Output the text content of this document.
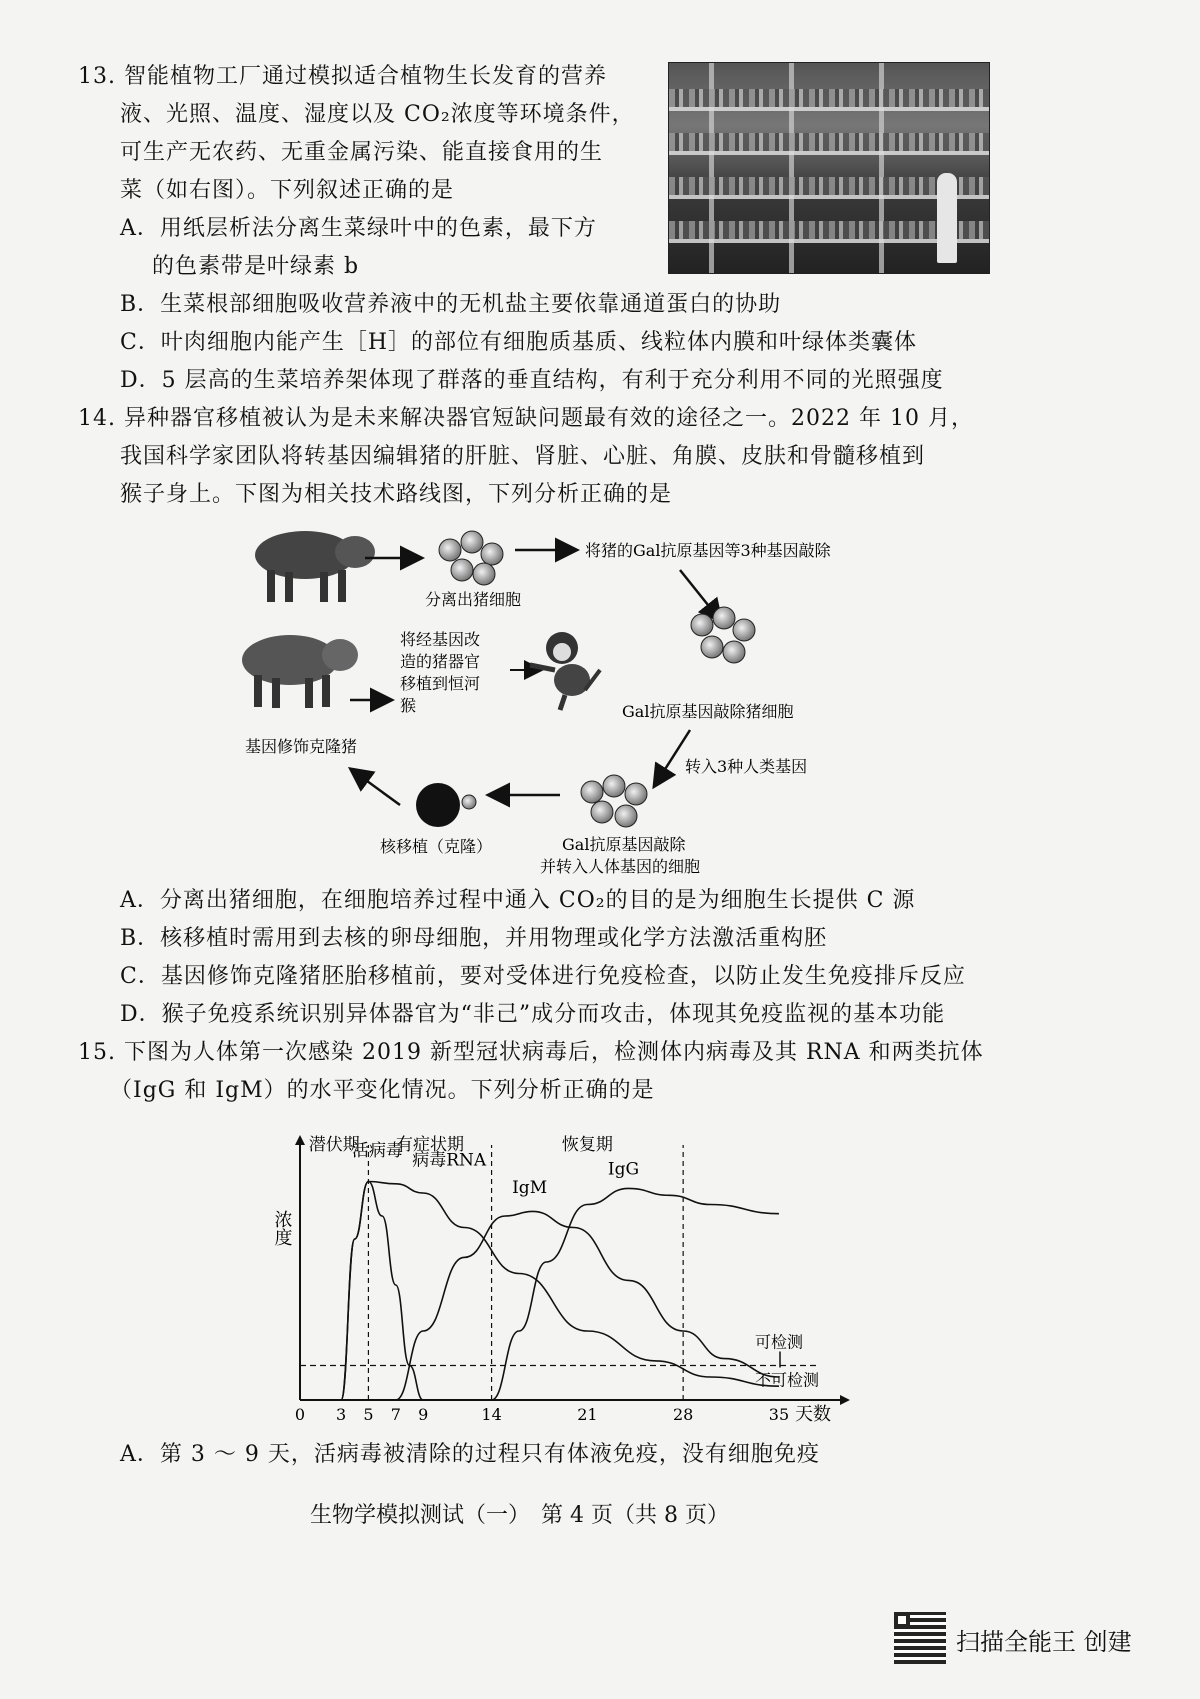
13. 智能植物工厂通过模拟适合植物生长发育的营养
液、光照、温度、湿度以及 CO₂浓度等环境条件，
可生产无农药、无重金属污染、能直接食用的生
菜（如右图）。下列叙述正确的是
A．用纸层析法分离生菜绿叶中的色素，最下方
的色素带是叶绿素 b
B．生菜根部细胞吸收营养液中的无机盐主要依靠通道蛋白的协助
C．叶肉细胞内能产生［H］的部位有细胞质基质、线粒体内膜和叶绿体类囊体
D．5 层高的生菜培养架体现了群落的垂直结构，有利于充分利用不同的光照强度
14. 异种器官移植被认为是未来解决器官短缺问题最有效的途径之一。2022 年 10 月，
我国科学家团队将转基因编辑猪的肝脏、肾脏、心脏、角膜、皮肤和骨髓移植到
猴子身上。下图为相关技术路线图，下列分析正确的是
分离出猪细胞
将猪的Gal抗原基因等3种基因敲除
Gal抗原基因敲除猪细胞
转入3种人类基因
Gal抗原基因敲除
并转入人体基因的细胞
核移植（克隆）
基因修饰克隆猪
将经基因改
造的猪器官
移植到恒河
猴
A．分离出猪细胞，在细胞培养过程中通入 CO₂的目的是为细胞生长提供 C 源
B．核移植时需用到去核的卵母细胞，并用物理或化学方法激活重构胚
C．基因修饰克隆猪胚胎移植前，要对受体进行免疫检查，以防止发生免疫排斥反应
D．猴子免疫系统识别异体器官为“非己”成分而攻击，体现其免疫监视的基本功能
15. 下图为人体第一次感染 2019 新型冠状病毒后，检测体内病毒及其 RNA 和两类抗体
（IgG 和 IgM）的水平变化情况。下列分析正确的是
浓度
天数
潜伏期 有症状期	恢复期
可检测
不可检测
0 3 5 7 9	14	21	28	35
活病毒 病毒RNA
IgM
IgG
A．第 3 ～ 9 天，活病毒被清除的过程只有体液免疫，没有细胞免疫
生物学模拟测试（一）　第 4 页（共 8 页）
扫描全能王 创建
